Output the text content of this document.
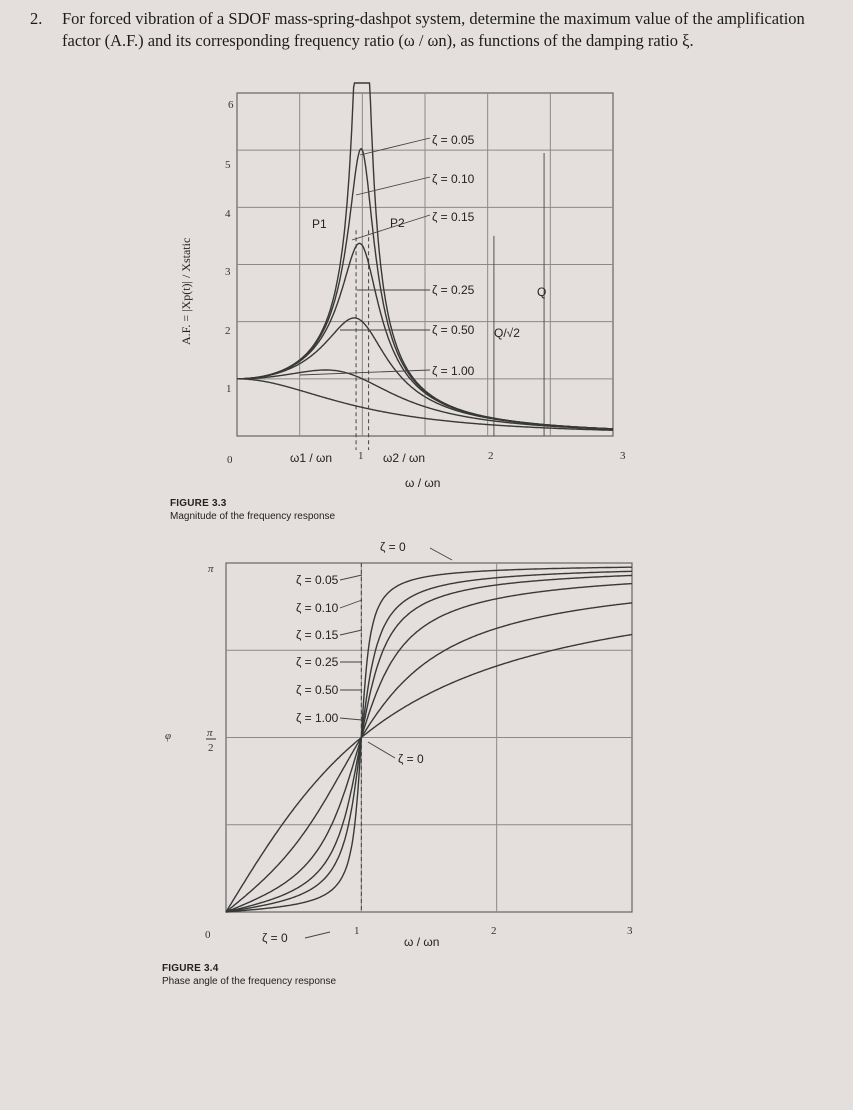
2. For forced vibration of a SDOF mass-spring-dashpot system, determine the maximum value of the amplification factor (A.F.) and its corresponding frequency ratio (ω / ωn), as functions of the damping ratio ξ.
6
5
4
3
2
1
0	1	2	3
ω1 / ωn	ω2 / ωn
ω / ωn
P1	P2
ζ = 0.05
ζ = 0.10
ζ = 0.15
ζ = 0.25
ζ = 0.50
ζ = 1.00
Q
Q/√2
A.F. = |Xp(t)| / Xstatic
FIGURE 3.3
Magnitude of the frequency response
π
π
2
φ
0	1	2	3
ω / ωn
ζ = 0
ζ = 0
ζ = 0
ζ = 0.05
ζ = 0.10
ζ = 0.15
ζ = 0.25
ζ = 0.50
ζ = 1.00
FIGURE 3.4
Phase angle of the frequency response
